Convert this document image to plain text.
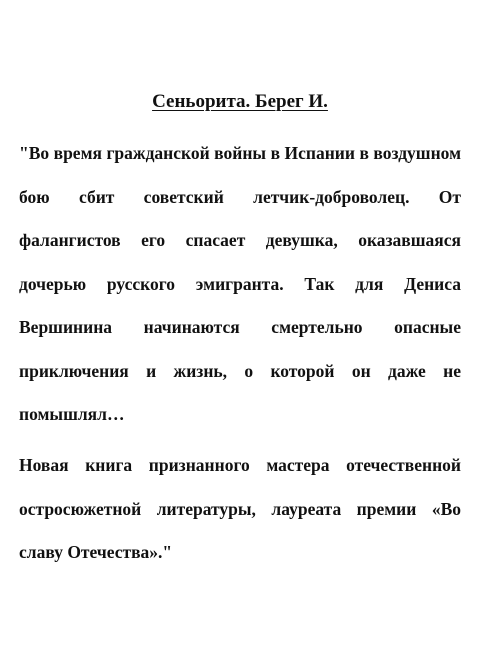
Сеньорита. Берег И.

"Во время гражданской войны в Испании в воздушном бою сбит советский летчик-доброволец. От фалангистов его спасает девушка, оказавшаяся дочерью русского эмигранта. Так для Дениса Вершинина начинаются смертельно опасные приключения и жизнь, о которой он даже не помышлял…

Новая книга признанного мастера отечественной остросюжетной литературы, лауреата премии «Во славу Отечества»."
